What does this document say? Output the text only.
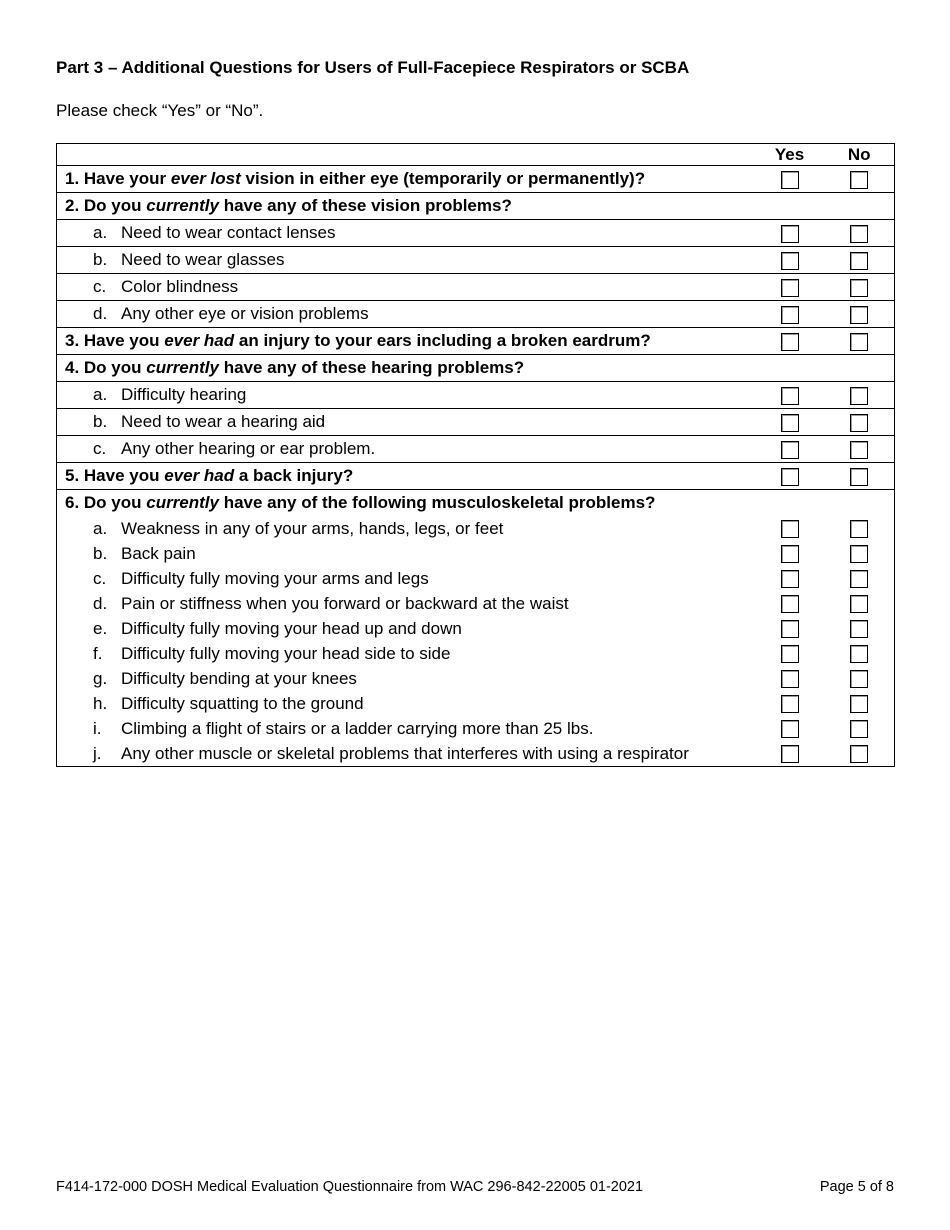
Part 3 – Additional Questions for Users of Full-Facepiece Respirators or SCBA
Please check “Yes” or “No”.
	Yes	No
1. Have your ever lost vision in either eye (temporarily or permanently)?		
2. Do you currently have any of these vision problems?		
a. Need to wear contact lenses		
b. Need to wear glasses		
c. Color blindness		
d. Any other eye or vision problems		
3. Have you ever had an injury to your ears including a broken eardrum?		
4. Do you currently have any of these hearing problems?		
a. Difficulty hearing		
b. Need to wear a hearing aid		
c. Any other hearing or ear problem.		
5. Have you ever had a back injury?		
6. Do you currently have any of the following musculoskeletal problems?		
a. Weakness in any of your arms, hands, legs, or feet		
b. Back pain		
c. Difficulty fully moving your arms and legs		
d. Pain or stiffness when you forward or backward at the waist		
e. Difficulty fully moving your head up and down		
f. Difficulty fully moving your head side to side		
g. Difficulty bending at your knees		
h. Difficulty squatting to the ground		
i. Climbing a flight of stairs or a ladder carrying more than 25 lbs.		
j. Any other muscle or skeletal problems that interferes with using a respirator		
F414-172-000 DOSH Medical Evaluation Questionnaire from WAC 296-842-22005 01-2021	Page 5 of 8
